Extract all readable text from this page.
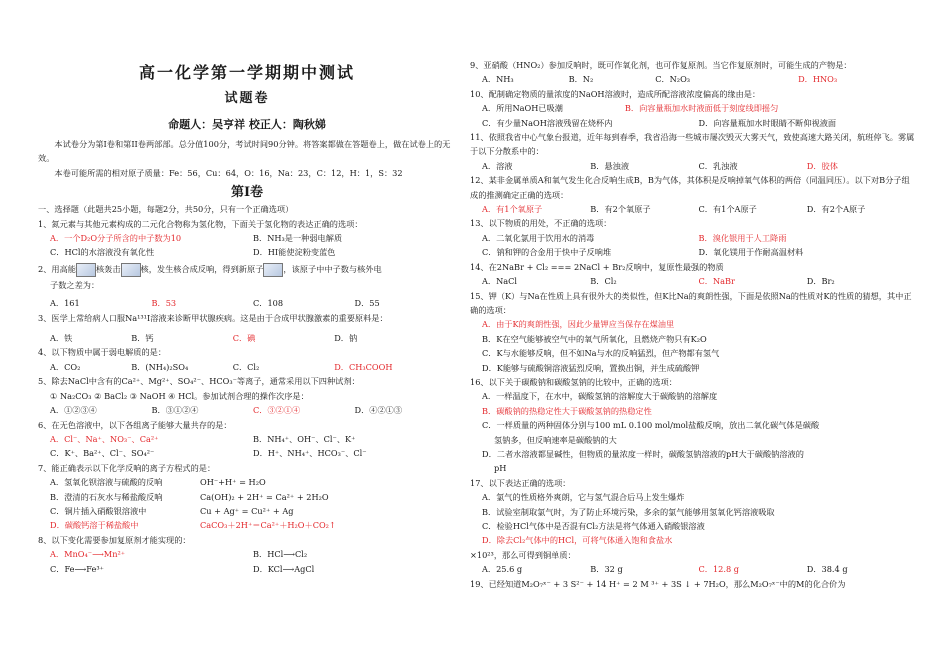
高一化学第一学期期中测试
试题卷
命题人：吴亨祥 校正人：陶秋娣
本试卷分为第I卷和第II卷两部部。总分值100分，考试时间90分钟。将答案都做在答题卷上，做在试卷上的无效。
本卷可能所需的相对原子质量：Fe：56，Cu：64，O：16，Na：23，C：12，H：1，S：32
第Ⅰ卷
一、选择题（此题共25小题，每题2分，共50分，只有一个正确选项）
1、氮元素与其他元素构成的二元化合物称为氢化物，下面关于氢化物的表达正确的选项：
A．一个D₂O分子所含的中子数为10	B．NH₃是一种弱电解质
C．HCl的水溶液没有氧化性	D．HI能使淀粉变蓝色
2、用高能 核轰击 核，发生核合成反响，得到新原子 ，该原子中中子数与核外电
子数之差为：
A．161	B．53	C．108	D．55
3、医学上常给病人口服Na¹³¹I溶液来诊断甲状腺疾病。这是由于合成甲状腺激素的重要原料是：
A．铁	B．钙	C．碘	D．钠
4、以下物质中属于弱电解质的是：
A．CO₂	B．(NH₄)₂SO₄	C．Cl₂	D．CH₃COOH
5、除去NaCl中含有的Ca²⁺、Mg²⁺、SO₄²⁻、HCO₃⁻等离子，通常采用以下四种试剂：
① Na₂CO₃ ② BaCl₂ ③ NaOH ④ HCl。参加试剂合理的操作次序是：
A．①②③④	B．③①②④	C．③②①④	D．④②①③
6、在无色溶液中，以下各组离子能够大量共存的是：
A．Cl⁻、Na⁺、NO₃⁻、Ca²⁺	B．NH₄⁺、OH⁻、Cl⁻、K⁺
C．K⁺、Ba²⁺、Cl⁻、SO₄²⁻	D．H⁺、NH₄⁺、HCO₃⁻、Cl⁻
7、能正确表示以下化学反响的离子方程式的是：
A．氢氧化钡溶液与硫酸的反响	OH⁻+H⁺ = H₂O
B．澄清的石灰水与稀盐酸反响	Ca(OH)₂ + 2H⁺ = Ca²⁺ + 2H₂O
C．铜片插入硝酸银溶液中	Cu + Ag⁺ = Cu²⁺ + Ag
D．碳酸钙溶于稀盐酸中	CaCO₃＋2H⁺＝Ca²⁺＋H₂O＋CO₂↑
8、以下变化需要参加复原剂才能实现的：
A．MnO₄⁻⟶Mn²⁺	B．HCl⟶Cl₂
C．Fe⟶Fe³⁺	D．KCl⟶AgCl
9、亚硝酸（HNO₂）参加反响时，既可作氧化剂，也可作复原剂。当它作复原剂时，可能生成的产物是：
A．NH₃	B．N₂	C．N₂O₃	D．HNO₃
10、配制确定物质的量浓度的NaOH溶液时，造成所配溶液浓度偏高的缘由是：
A．所用NaOH已吸潮	B．向容量瓶加水时液面低于刻度线即摇匀
C．有少量NaOH溶液残留在烧杯内	D．向容量瓶加水时眼睛不断仰视液面
11、依照我省中心气象台报道，近年每到春季，我省沿海一些城市屡次毁灭大雾天气，致使高速大路关闭，航班停飞。雾属于以下分散系中的：
A．溶液	B．悬浊液	C．乳浊液	D．胶体
12、某非金属单质A和氧气发生化合反响生成B，B为气体，其体积是反响掉氧气体积的两倍（同温同压）。以下对B分子组成的推测确定正确的选项：
A．有1个氧原子	B．有2个氧原子	C．有1个A原子	D．有2个A原子
13、以下物质的用处，不正确的选项：
A．二氧化氯用于饮用水的消毒	B．溴化银用于人工降雨
C．钠和钾的合金用于快中子反响堆	D．氧化镁用于作耐高温材料
14、在2NaBr + Cl₂ === 2NaCl + Br₂反响中，复原性最强的物质
A．NaCl	B．Cl₂	C．NaBr	D．Br₂
15、钾（K）与Na在性质上具有很外大的类似性，但K比Na的爽朗性强，下面是依照Na的性质对K的性质的猜想，其中正确的选项：
A．由于K的爽朗性强，因此少量钾应当保存在煤油里
B．K在空气能够被空气中的氧气所氧化，且燃烧产物只有K₂O
C．K与水能够反响，但不如Na与水的反响猛烈，但产物都有氢气
D．K能够与硫酸铜溶液猛烈反响，置换出铜，并生成硫酸钾
16、以下关于碳酸钠和碳酸氢钠的比较中，正确的选项：
A．一样温度下，在水中，碳酸氢钠的溶解度大于碳酸钠的溶解度
B．碳酸钠的热稳定性大于碳酸氢钠的热稳定性
C．一样质量的两种固体分别与100 mL 0.100 mol/mol盐酸反响，放出二氧化碳气体是碳酸
氢钠多，但反响速率是碳酸钠的大
D．二者水溶液都显碱性，但物质的量浓度一样时，碳酸氢钠溶液的pH大于碳酸钠溶液的
pH
17、以下表达正确的选项：
A．氯气的性质格外爽朗，它与氢气混合后马上发生爆炸
B．试验室制取氯气时，为了防止环境污染，多余的氯气能够用氢氧化钙溶液吸取
C．检验HCl气体中是否混有Cl₂方法是将气体通入硝酸银溶液
D．除去Cl₂气体中的HCl，可将气体通入饱和食盐水
×10²³，那么可得到铜单质：
A．25.6 g	B．32 g	C．12.8 g	D．38.4 g
19、已经知道M₂O₇ˣ⁻ + 3 S²⁻ + 14 H⁺ = 2 M ³⁺ + 3S ↓ + 7H₂O，那么M₂O₇ˣ⁻中的M的化合价为
